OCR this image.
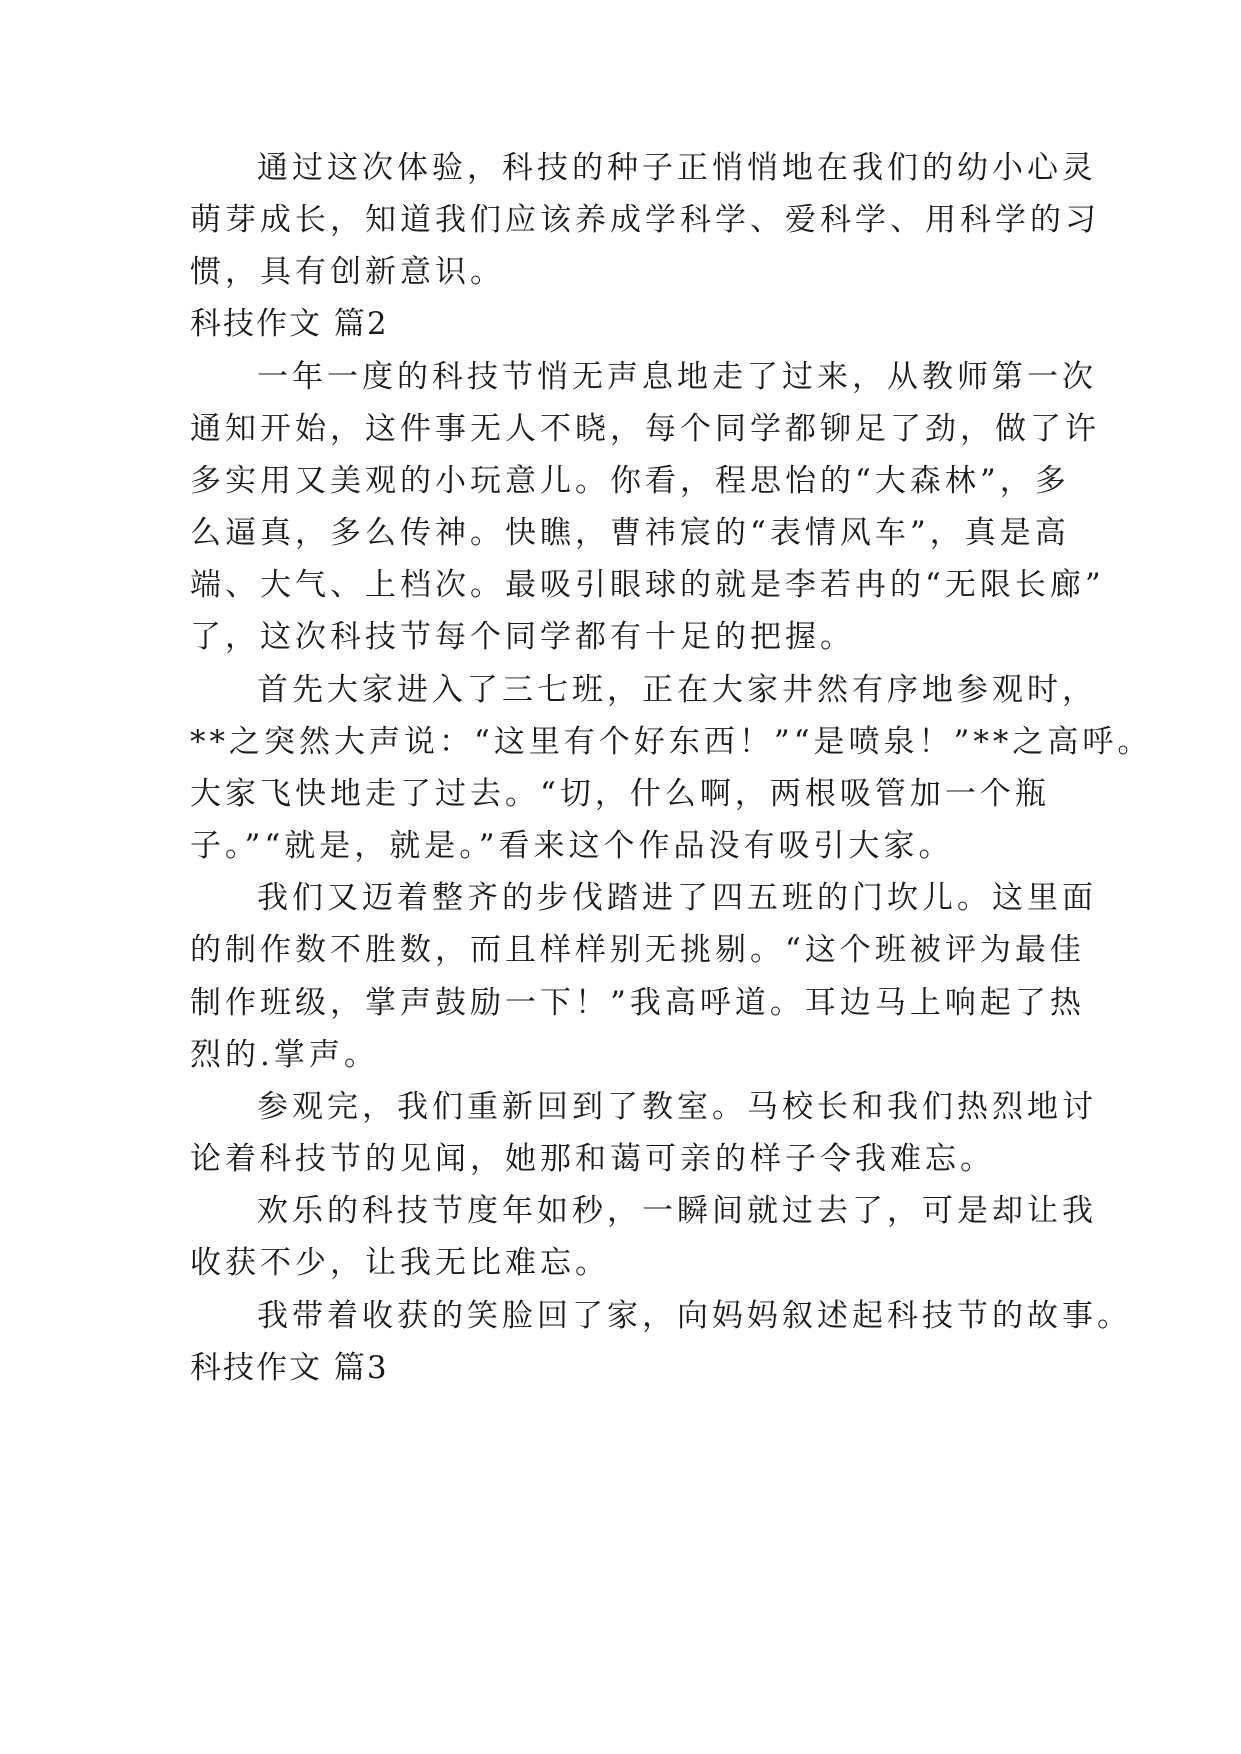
通过这次体验，科技的种子正悄悄地在我们的幼小心灵
萌芽成长，知道我们应该养成学科学、爱科学、用科学的习
惯，具有创新意识。
科技作文 篇2
一年一度的科技节悄无声息地走了过来，从教师第一次
通知开始，这件事无人不晓，每个同学都铆足了劲，做了许
多实用又美观的小玩意儿。你看，程思怡的“大森林”，多
么逼真，多么传神。快瞧，曹祎宸的“表情风车”，真是高
端、大气、上档次。最吸引眼球的就是李若冉的“无限长廊”
了，这次科技节每个同学都有十足的把握。
首先大家进入了三七班，正在大家井然有序地参观时，
**之突然大声说：“这里有个好东西！”“是喷泉！”**之高呼。
大家飞快地走了过去。“切，什么啊，两根吸管加一个瓶
子。”“就是，就是。”看来这个作品没有吸引大家。
我们又迈着整齐的步伐踏进了四五班的门坎儿。这里面
的制作数不胜数，而且样样别无挑剔。“这个班被评为最佳
制作班级，掌声鼓励一下！”我高呼道。耳边马上响起了热
烈的.掌声。
参观完，我们重新回到了教室。马校长和我们热烈地讨
论着科技节的见闻，她那和蔼可亲的样子令我难忘。
欢乐的科技节度年如秒，一瞬间就过去了，可是却让我
收获不少，让我无比难忘。
我带着收获的笑脸回了家，向妈妈叙述起科技节的故事。
科技作文 篇3
